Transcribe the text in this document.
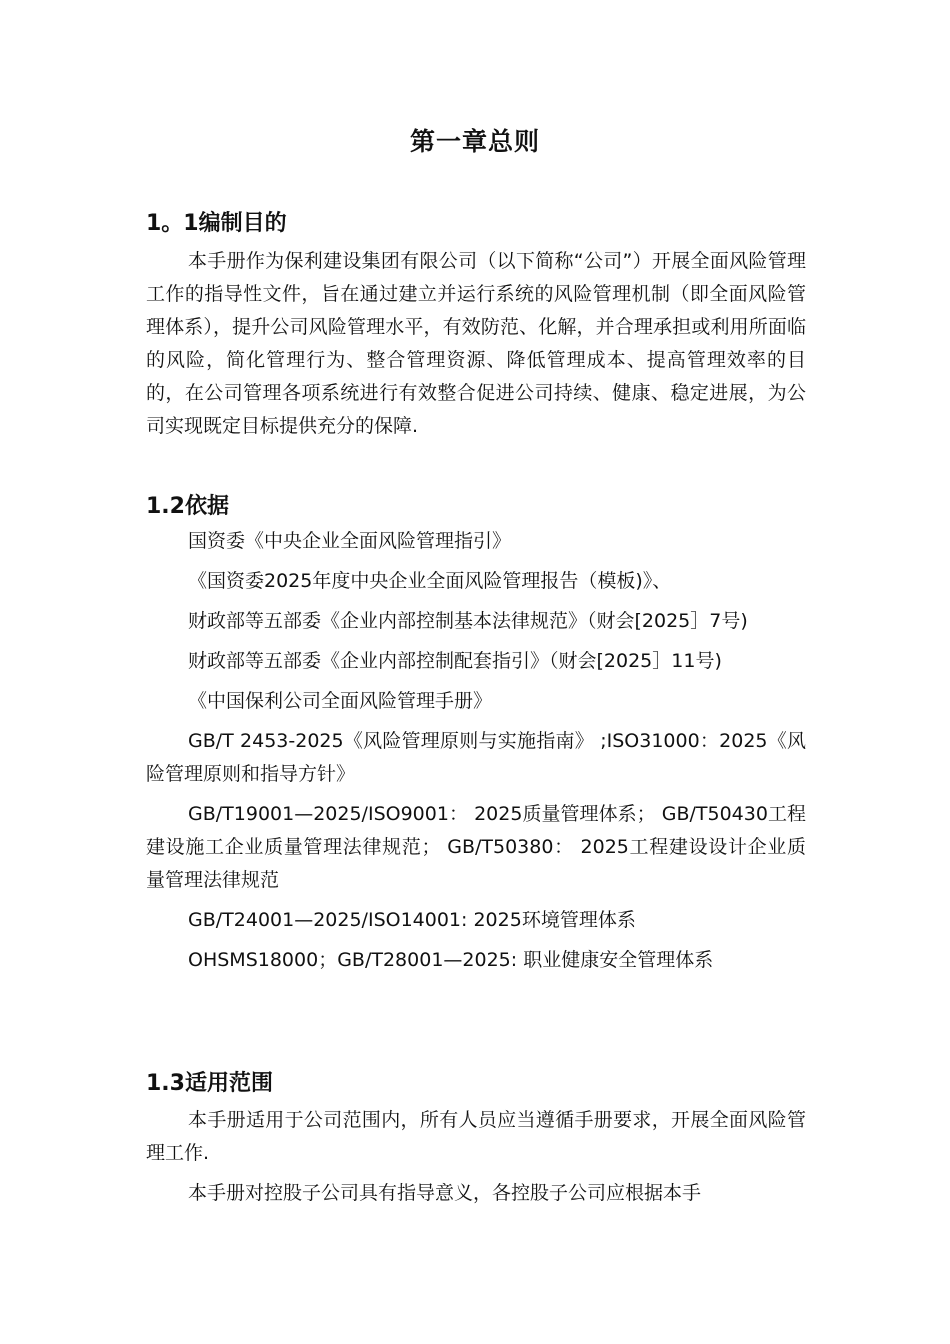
第一章总则
1。1编制目的

本手册作为保利建设集团有限公司（以下简称“公司”）开展全面风险管理工作的指导性文件，旨在通过建立并运行系统的风险管理机制（即全面风险管理体系），提升公司风险管理水平，有效防范、化解，并合理承担或利用所面临的风险，简化管理行为、整合管理资源、降低管理成本、提高管理效率的目的，在公司管理各项系统进行有效整合促进公司持续、健康、稳定进展，为公司实现既定目标提供充分的保障.

1.2依据

国资委《中央企业全面风险管理指引》

《国资委2025年度中央企业全面风险管理报告（模板)》、

财政部等五部委《企业内部控制基本法律规范》（财会[2025］7号)

财政部等五部委《企业内部控制配套指引》（财会[2025］11号)

《中国保利公司全面风险管理手册》

GB/T 2453-2025《风险管理原则与实施指南》 ;ISO31000：2025《风险管理原则和指导方针》

GB/T19001—2025/ISO9001： 2025质量管理体系； GB/T50430工程建设施工企业质量管理法律规范； GB/T50380： 2025工程建设设计企业质量管理法律规范

GB/T24001—2025/ISO14001: 2025环境管理体系

OHSMS18000；GB/T28001—2025: 职业健康安全管理体系

1.3适用范围

本手册适用于公司范围内，所有人员应当遵循手册要求，开展全面风险管理工作.

本手册对控股子公司具有指导意义，各控股子公司应根据本手
